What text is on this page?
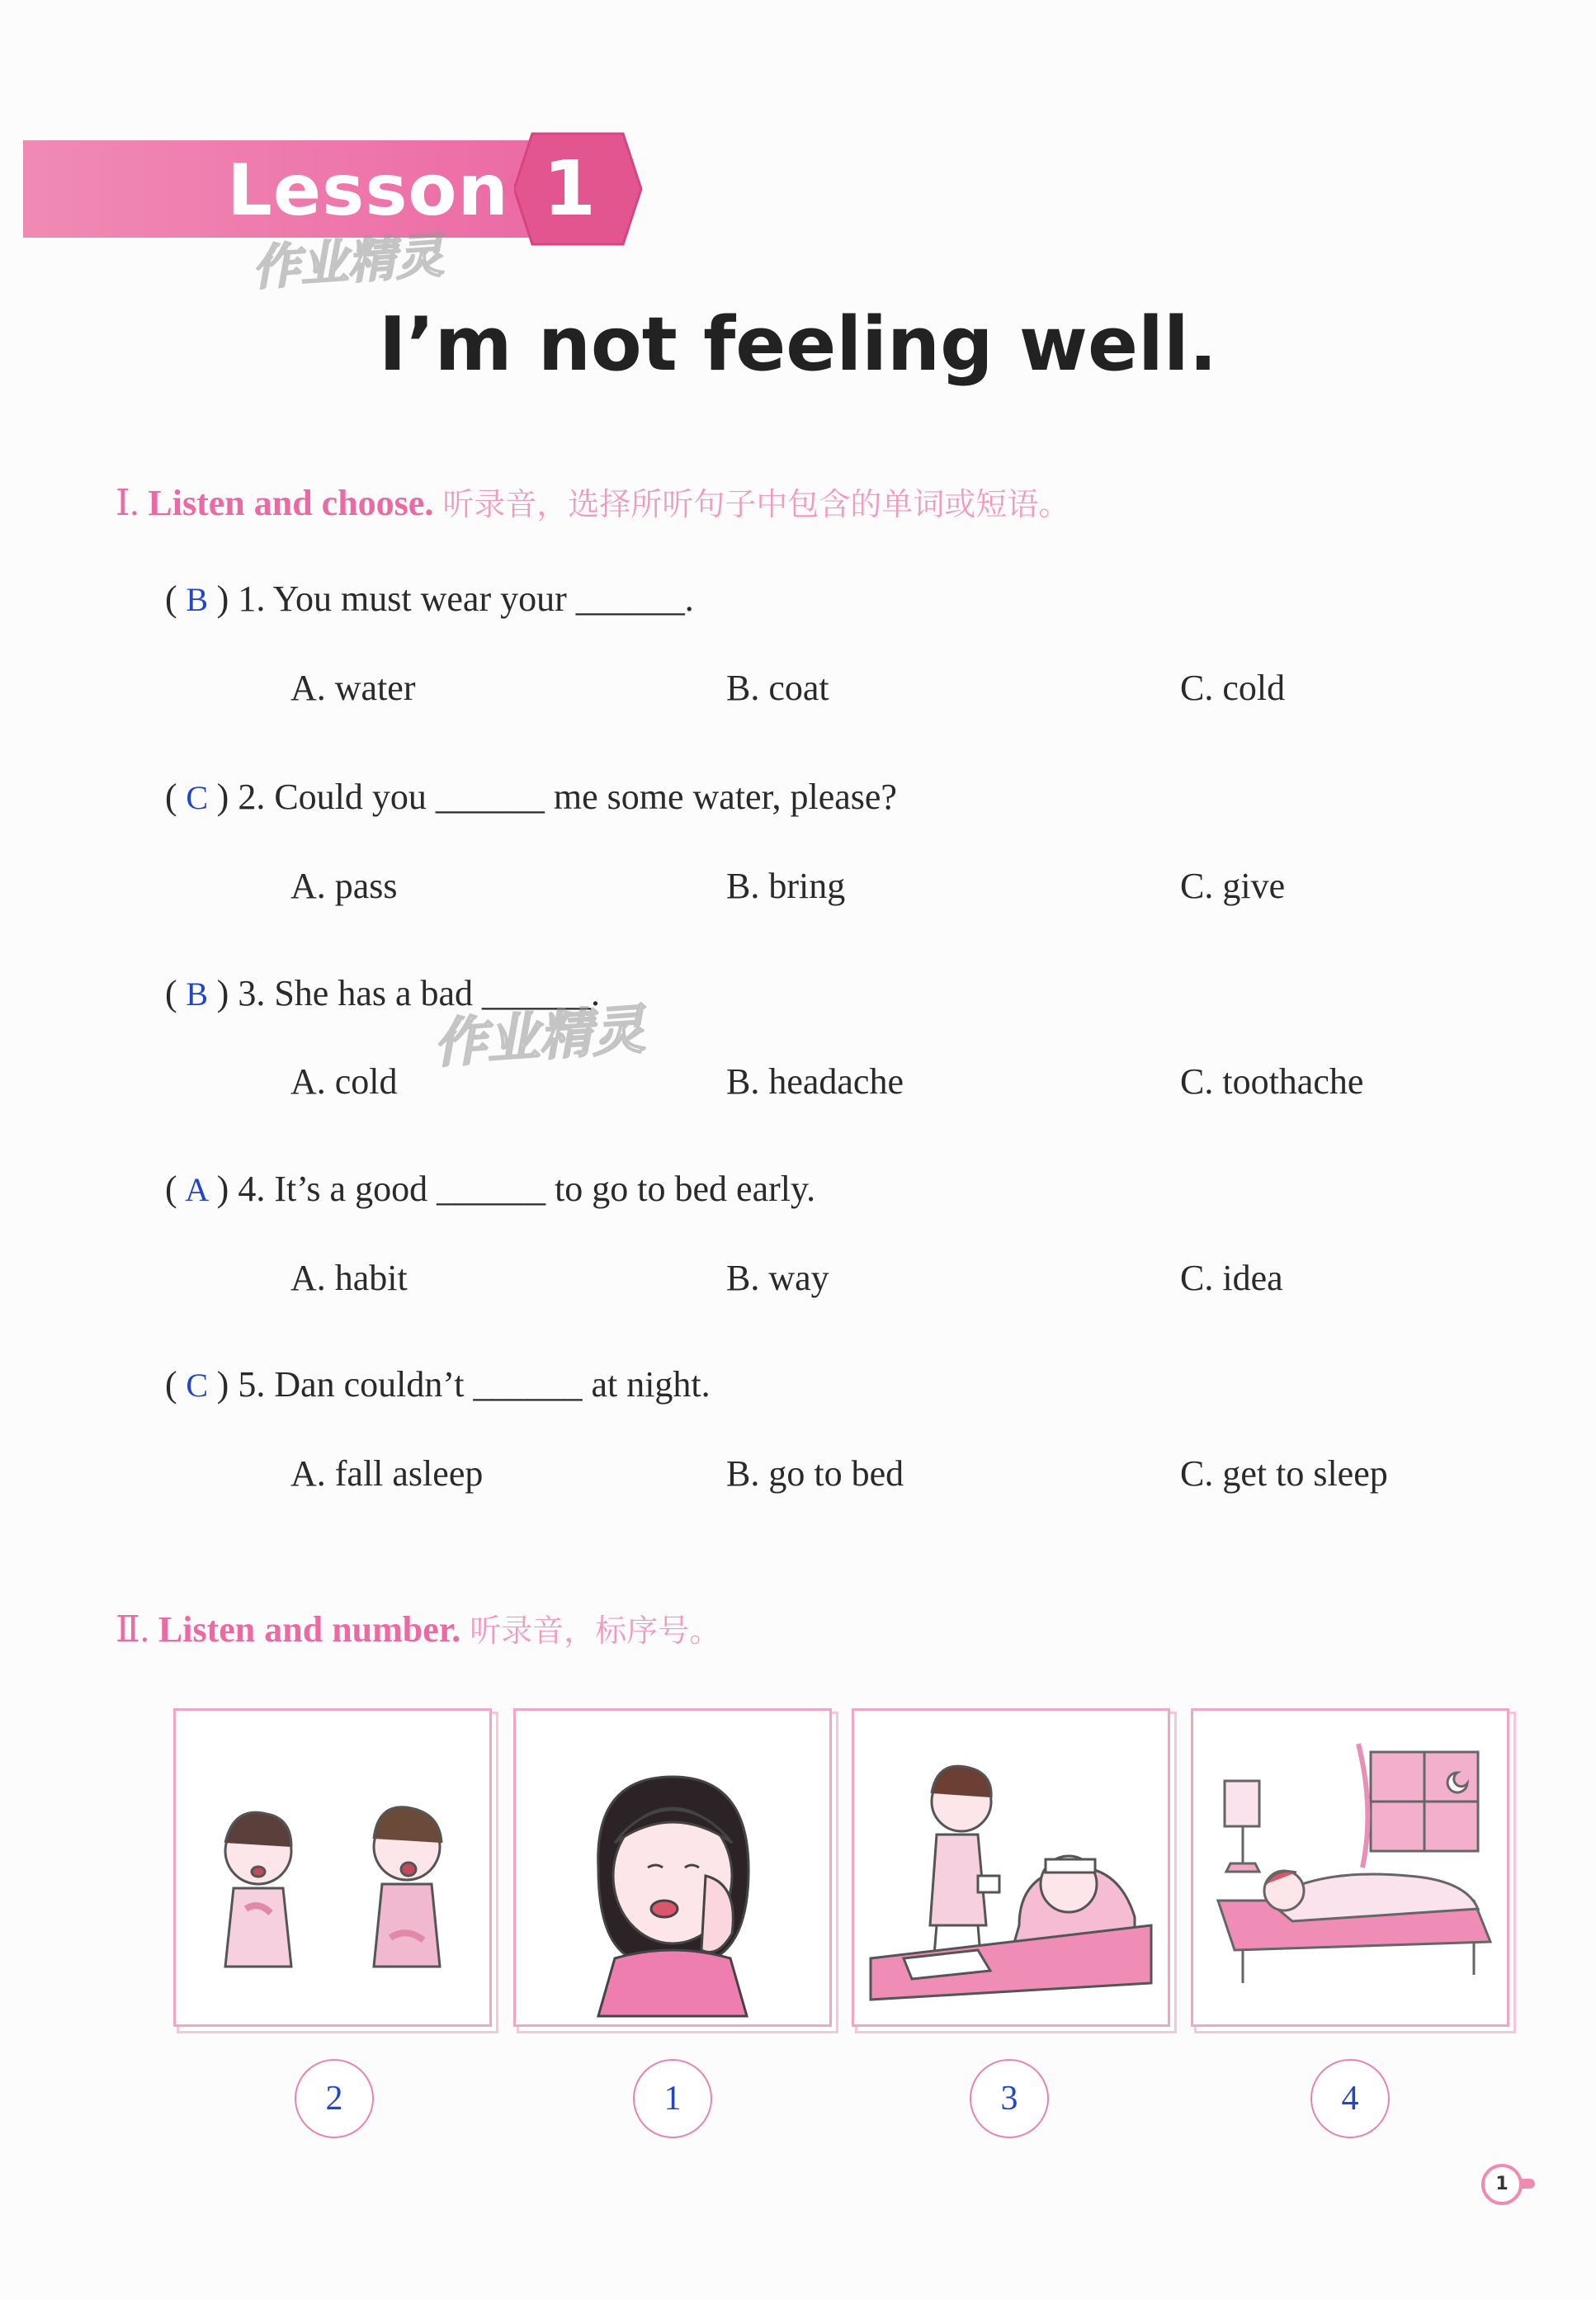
Lesson 1
作业精灵
I’m not feeling well.
Ⅰ. Listen and choose. 听录音，选择所听句子中包含的单词或短语。
( B ) 1. You must wear your ______.
A. water	B. coat	C. cold
( C ) 2. Could you ______ me some water, please?
A. pass	B. bring	C. give
( B ) 3. She has a bad ______.
作业精灵
A. cold	B. headache	C. toothache
( A ) 4. It’s a good ______ to go to bed early.
A. habit	B. way	C. idea
( C ) 5. Dan couldn’t ______ at night.
A. fall asleep	B. go to bed	C. get to sleep
Ⅱ. Listen and number. 听录音，标序号。
2	1	3	4
1
